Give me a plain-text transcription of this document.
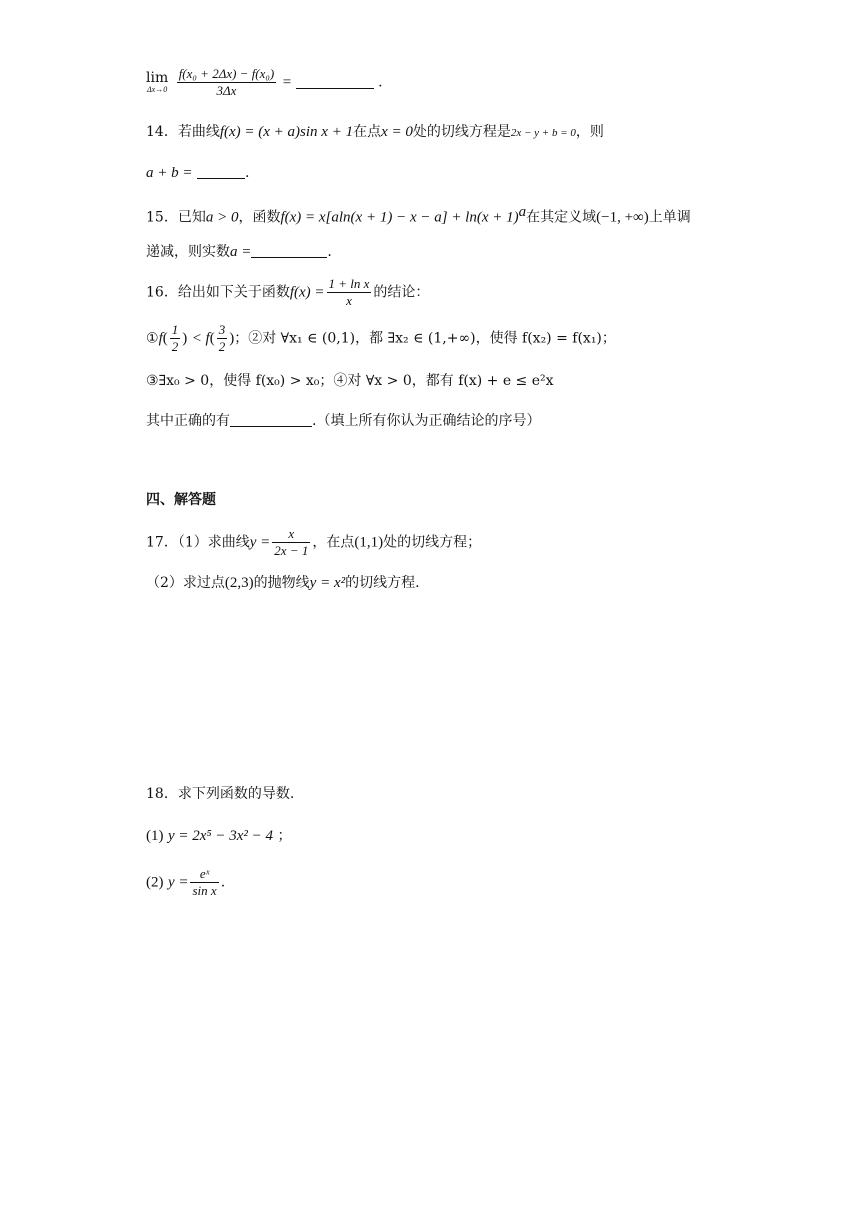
lim
Δx→0
$\frac{\text{f(x₀ + 2Δx) − f(x₀)}}{3\Delta x}$ =	.
14．若曲线f(x) = (x + a)sin x + 1在点x = 0处的切线方程是2x − y + b = 0，则
a + b =	.
15．已知a > 0，函数$f(x) = x[aln(x + 1) - x - a] + \ln(x + 1)^a$在其定义域(−1, +∞)上单调
递减，则实数a =	.
16．给出如下关于函数$f(x) = \frac{\text{1 + ln x}}{x}$ 的结论：
①f( $\frac{1}{2}$ ) < $f( \frac{3}{2}$ )；②对 ∀x₁ ∈ (0,1)，都 ∃x₂ ∈ (1,+∞)，使得 f(x₂) = f(x₁)；
③∃x₀ > 0，使得 f(x₀) > x₀；④对 ∀x > 0，都有 f(x) + e ≤ e²x
其中正确的有	.（填上所有你认为正确结论的序号）
四、解答题
17．（1）求曲线$y = \frac{x}{2x - 1}$ ，在点(1,1)处的切线方程；
（2）求过点(2,3)的抛物线y = x²的切线方程.
18．求下列函数的导数.
(1) y = 2x⁵ − 3x² − 4 ；
(2) $y = \frac{\text{eˣ}}{\text{sin x}}$ .
